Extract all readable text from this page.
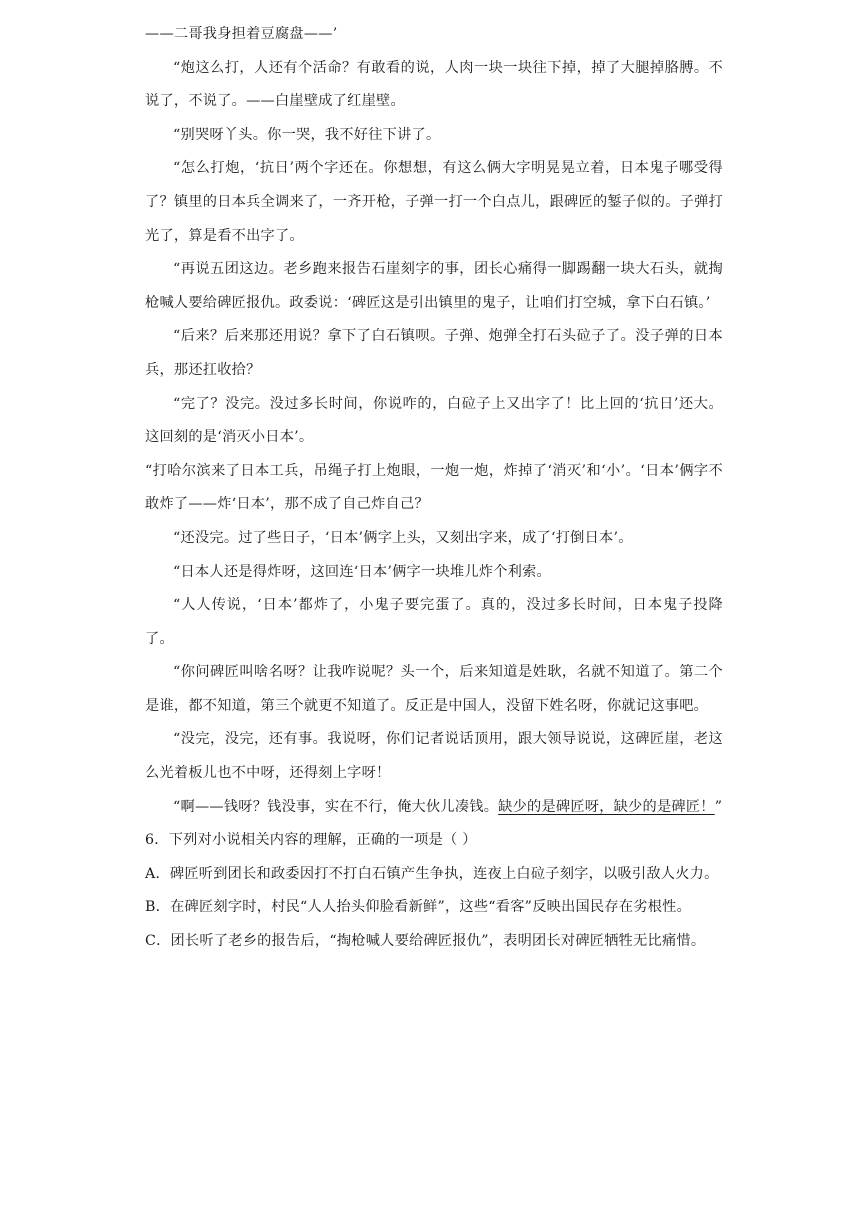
——二哥我身担着豆腐盘——’

“炮这么打，人还有个活命？有敢看的说，人肉一块一块往下掉，掉了大腿掉胳膊。不说了，不说了。——白崖壁成了红崖壁。

“别哭呀丫头。你一哭，我不好往下讲了。

“怎么打炮，‘抗日’两个字还在。你想想，有这么俩大字明晃晃立着，日本鬼子哪受得了？镇里的日本兵全调来了，一齐开枪，子弹一打一个白点儿，跟碑匠的錾子似的。子弹打光了，算是看不出字了。

“再说五团这边。老乡跑来报告石崖刻字的事，团长心痛得一脚踢翻一块大石头，就掏枪喊人要给碑匠报仇。政委说：‘碑匠这是引出镇里的鬼子，让咱们打空城，拿下白石镇。’

“后来？后来那还用说？拿下了白石镇呗。子弹、炮弹全打石头砬子了。没子弹的日本兵，那还扛收拾？

“完了？没完。没过多长时间，你说咋的，白砬子上又出字了！比上回的‘抗日’还大。这回刻的是‘消灭小日本’。

“打哈尔滨来了日本工兵，吊绳子打上炮眼，一炮一炮，炸掉了‘消灭’和‘小’。‘日本’俩字不敢炸了——炸‘日本’，那不成了自己炸自己？

“还没完。过了些日子，‘日本’俩字上头，又刻出字来，成了‘打倒日本’。

“日本人还是得炸呀，这回连‘日本’俩字一块堆儿炸个利索。

“人人传说，‘日本’都炸了，小鬼子要完蛋了。真的，没过多长时间，日本鬼子投降了。

“你问碑匠叫啥名呀？让我咋说呢？头一个，后来知道是姓耿，名就不知道了。第二个是谁，都不知道，第三个就更不知道了。反正是中国人，没留下姓名呀，你就记这事吧。

“没完，没完，还有事。我说呀，你们记者说话顶用，跟大领导说说，这碑匠崖，老这么光着板儿也不中呀，还得刻上字呀！

“啊——钱呀？钱没事，实在不行，俺大伙儿凑钱。缺少的是碑匠呀，缺少的是碑匠！”

6．下列对小说相关内容的理解，正确的一项是（ ）

A．碑匠听到团长和政委因打不打白石镇产生争执，连夜上白砬子刻字，以吸引敌人火力。

B．在碑匠刻字时，村民“人人抬头仰脸看新鲜”，这些“看客”反映出国民存在劣根性。

C．团长听了老乡的报告后，“掏枪喊人要给碑匠报仇”，表明团长对碑匠牺牲无比痛惜。
